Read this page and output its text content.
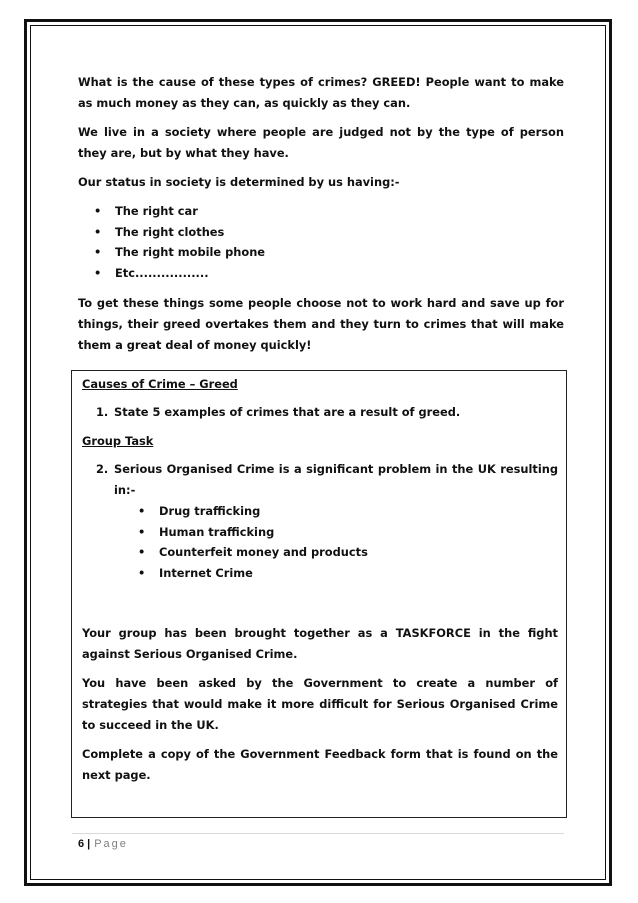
What is the cause of these types of crimes? GREED! People want to make as much money as they can, as quickly as they can.

We live in a society where people are judged not by the type of person they are, but by what they have.

Our status in society is determined by us having:-

• The right car
• The right clothes
• The right mobile phone
• Etc.................

To get these things some people choose not to work hard and save up for things, their greed overtakes them and they turn to crimes that will make them a great deal of money quickly!

Causes of Crime – Greed
1. State 5 examples of crimes that are a result of greed.
Group Task
2. Serious Organised Crime is a significant problem in the UK resulting in:-
• Drug trafficking
• Human trafficking
• Counterfeit money and products
• Internet Crime

Your group has been brought together as a TASKFORCE in the fight against Serious Organised Crime.

You have been asked by the Government to create a number of strategies that would make it more difficult for Serious Organised Crime to succeed in the UK.

Complete a copy of the Government Feedback form that is found on the next page.

6 | Page
